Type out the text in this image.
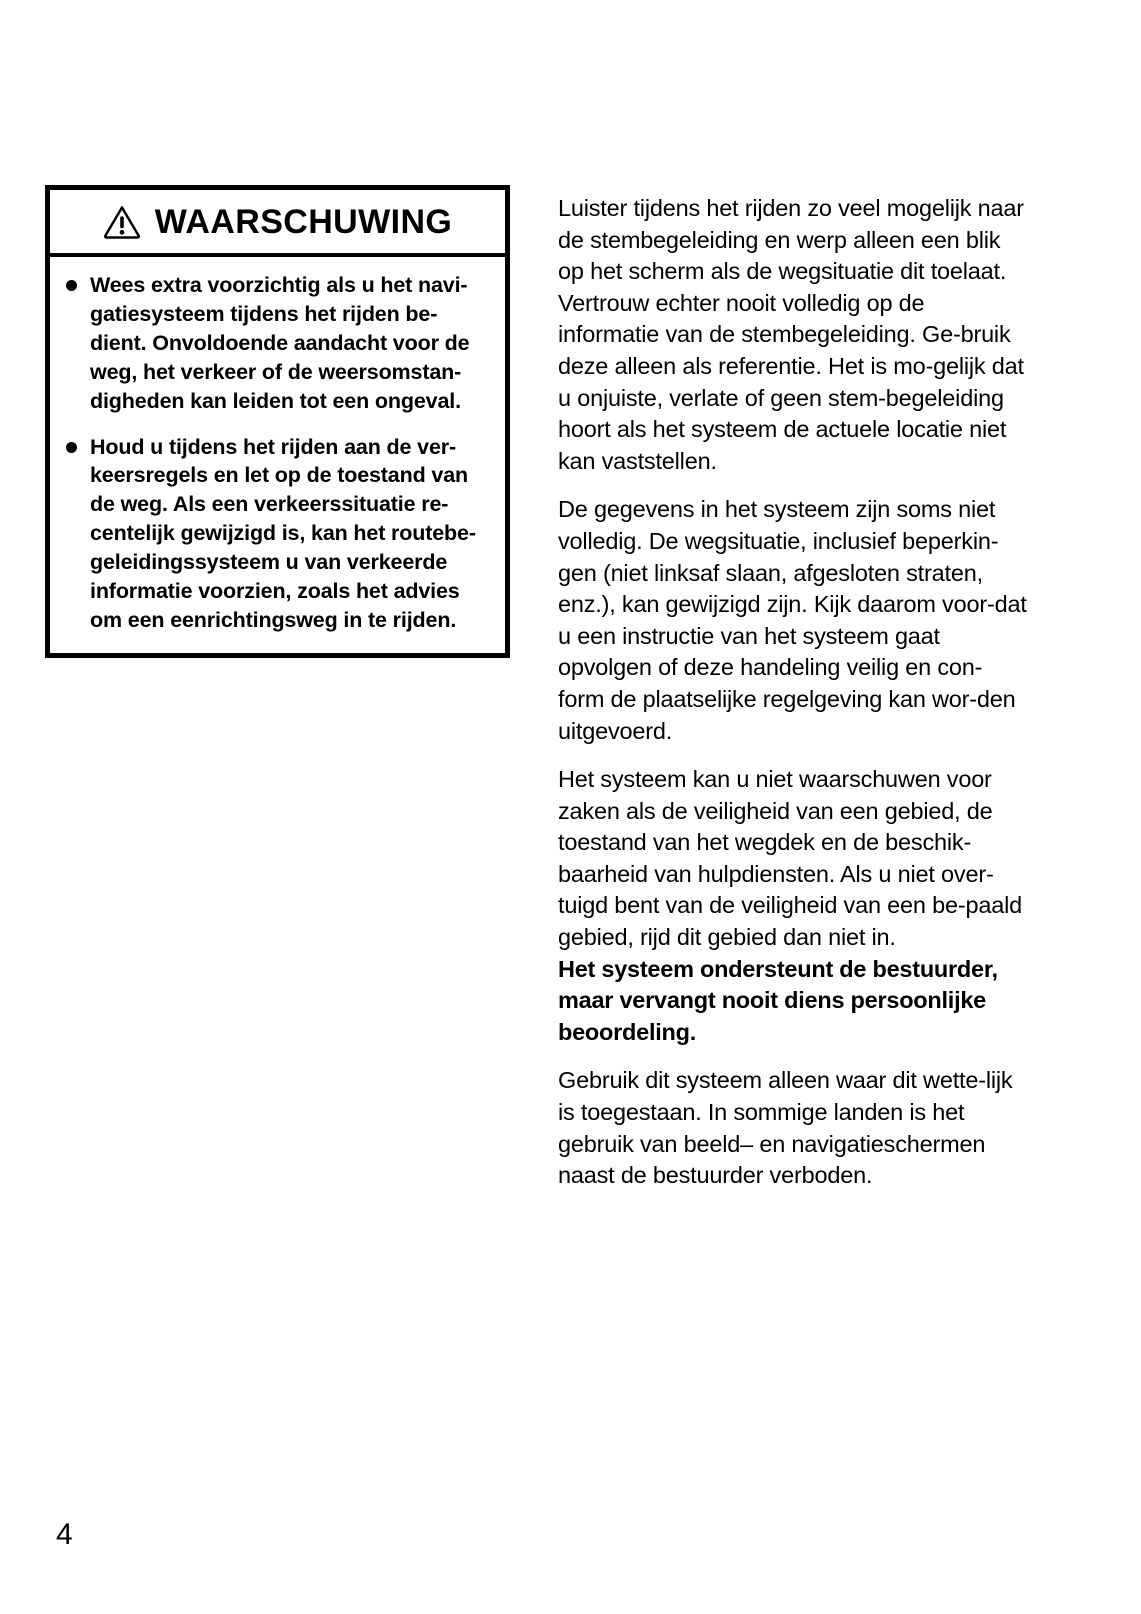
WAARSCHUWING
Wees extra voorzichtig als u het navi-gatiesysteem tijdens het rijden be-dient. Onvoldoende aandacht voor de weg, het verkeer of de weersomstan-digheden kan leiden tot een ongeval.
Houd u tijdens het rijden aan de ver-keersregels en let op de toestand van de weg. Als een verkeerssituatie re-centelijk gewijzigd is, kan het routebe-geleidingssysteem u van verkeerde informatie voorzien, zoals het advies om een eenrichtingsweg in te rijden.

Luister tijdens het rijden zo veel mogelijk naar de stembegeleiding en werp alleen een blik op het scherm als de wegsituatie dit toelaat. Vertrouw echter nooit volledig op de informatie van de stembegeleiding. Ge-bruik deze alleen als referentie. Het is mo-gelijk dat u onjuiste, verlate of geen stem-begeleiding hoort als het systeem de actuele locatie niet kan vaststellen.

De gegevens in het systeem zijn soms niet volledig. De wegsituatie, inclusief beperkin-gen (niet linksaf slaan, afgesloten straten, enz.), kan gewijzigd zijn. Kijk daarom voor-dat u een instructie van het systeem gaat opvolgen of deze handeling veilig en con-form de plaatselijke regelgeving kan wor-den uitgevoerd.

Het systeem kan u niet waarschuwen voor zaken als de veiligheid van een gebied, de toestand van het wegdek en de beschik-baarheid van hulpdiensten. Als u niet over-tuigd bent van de veiligheid van een be-paald gebied, rijd dit gebied dan niet in.

Het systeem ondersteunt de bestuurder, maar vervangt nooit diens persoonlijke beoordeling.

Gebruik dit systeem alleen waar dit wette-lijk is toegestaan. In sommige landen is het gebruik van beeld– en navigatieschermen naast de bestuurder verboden.

4
